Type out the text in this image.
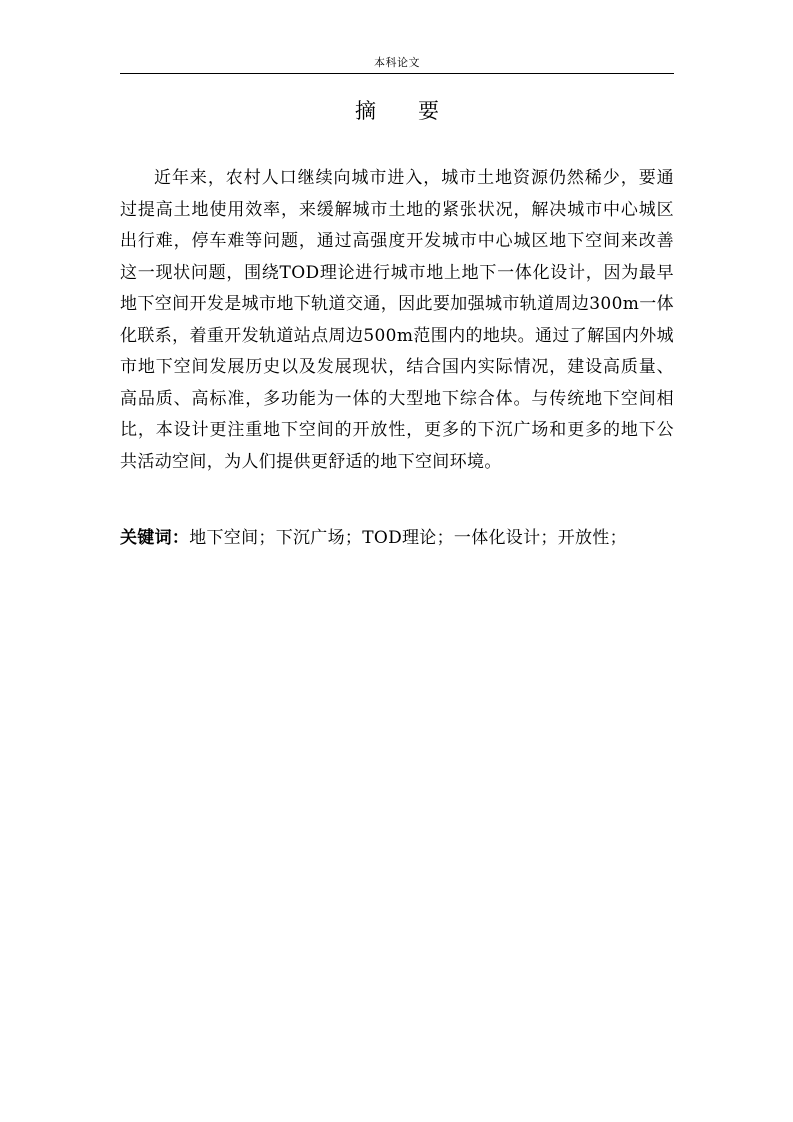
本科论文
摘 要

近年来，农村人口继续向城市进入，城市土地资源仍然稀少，要通过提高土地使用效率，来缓解城市土地的紧张状况，解决城市中心城区出行难，停车难等问题，通过高强度开发城市中心城区地下空间来改善这一现状问题，围绕TOD理论进行城市地上地下一体化设计，因为最早地下空间开发是城市地下轨道交通，因此要加强城市轨道周边300m一体化联系，着重开发轨道站点周边500m范围内的地块。通过了解国内外城市地下空间发展历史以及发展现状，结合国内实际情况，建设高质量、高品质、高标准，多功能为一体的大型地下综合体。与传统地下空间相比，本设计更注重地下空间的开放性，更多的下沉广场和更多的地下公共活动空间，为人们提供更舒适的地下空间环境。

关键词：地下空间；下沉广场；TOD理论；一体化设计；开放性；
